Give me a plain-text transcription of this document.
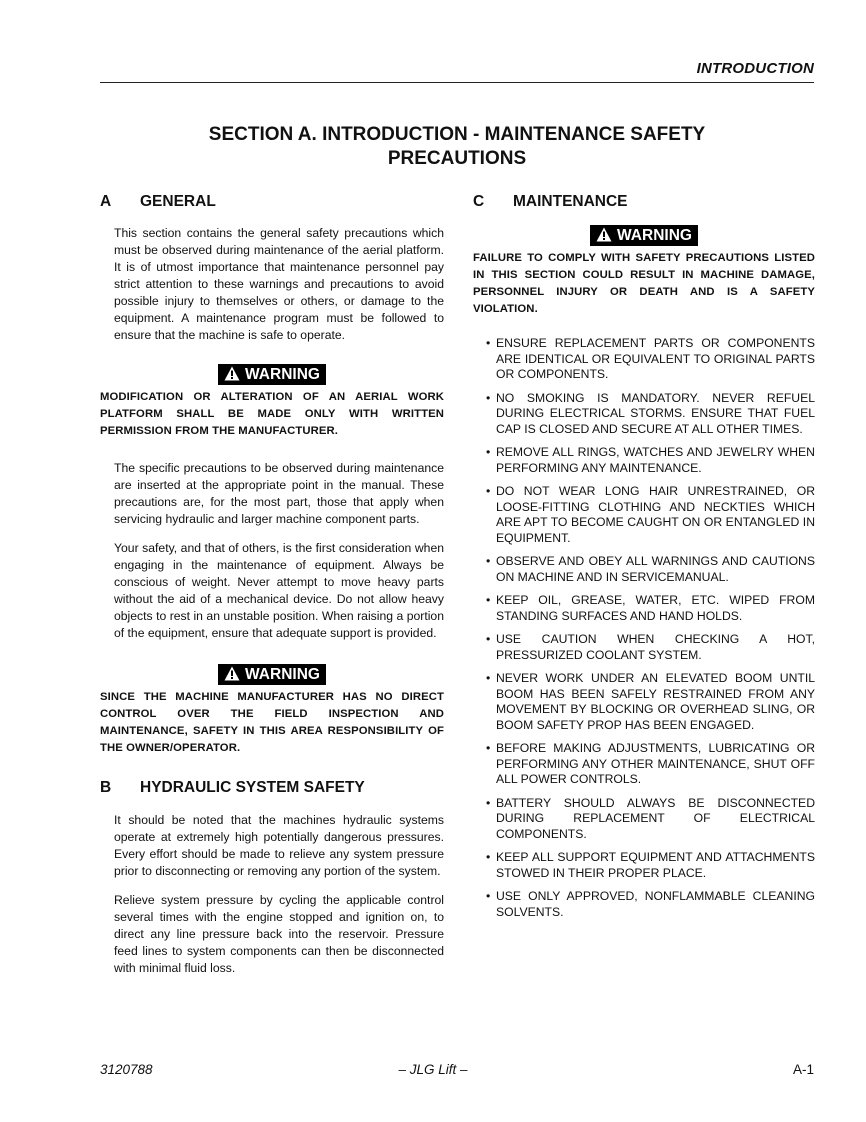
INTRODUCTION
SECTION A. INTRODUCTION - MAINTENANCE SAFETY
PRECAUTIONS
A GENERAL

This section contains the general safety precautions which must be observed during maintenance of the aerial platform. It is of utmost importance that maintenance personnel pay strict attention to these warnings and precautions to avoid possible injury to themselves or others, or damage to the equipment. A maintenance program must be followed to ensure that the machine is safe to operate.

WARNING
MODIFICATION OR ALTERATION OF AN AERIAL WORK PLATFORM SHALL BE MADE ONLY WITH WRITTEN PERMISSION FROM THE MANUFACTURER.

The specific precautions to be observed during maintenance are inserted at the appropriate point in the manual. These precautions are, for the most part, those that apply when servicing hydraulic and larger machine component parts.

Your safety, and that of others, is the first consideration when engaging in the maintenance of equipment. Always be conscious of weight. Never attempt to move heavy parts without the aid of a mechanical device. Do not allow heavy objects to rest in an unstable position. When raising a portion of the equipment, ensure that adequate support is provided.

WARNING
SINCE THE MACHINE MANUFACTURER HAS NO DIRECT CONTROL OVER THE FIELD INSPECTION AND MAINTENANCE, SAFETY IN THIS AREA RESPONSIBILITY OF THE OWNER/OPERATOR.
B HYDRAULIC SYSTEM SAFETY

It should be noted that the machines hydraulic systems operate at extremely high potentially dangerous pressures. Every effort should be made to relieve any system pressure prior to disconnecting or removing any portion of the system.

Relieve system pressure by cycling the applicable control several times with the engine stopped and ignition on, to direct any line pressure back into the reservoir. Pressure feed lines to system components can then be disconnected with minimal fluid loss.

C MAINTENANCE
WARNING
FAILURE TO COMPLY WITH SAFETY PRECAUTIONS LISTED IN THIS SECTION COULD RESULT IN MACHINE DAMAGE, PERSONNEL INJURY OR DEATH AND IS A SAFETY VIOLATION.
• ENSURE REPLACEMENT PARTS OR COMPONENTS ARE IDENTICAL OR EQUIVALENT TO ORIGINAL PARTS OR COMPONENTS.
• NO SMOKING IS MANDATORY. NEVER REFUEL DURING ELECTRICAL STORMS. ENSURE THAT FUEL CAP IS CLOSED AND SECURE AT ALL OTHER TIMES.
• REMOVE ALL RINGS, WATCHES AND JEWELRY WHEN PERFORMING ANY MAINTENANCE.
• DO NOT WEAR LONG HAIR UNRESTRAINED, OR LOOSE-FITTING CLOTHING AND NECKTIES WHICH ARE APT TO BECOME CAUGHT ON OR ENTANGLED IN EQUIPMENT.
• OBSERVE AND OBEY ALL WARNINGS AND CAUTIONS ON MACHINE AND IN SERVICEMANUAL.
• KEEP OIL, GREASE, WATER, ETC. WIPED FROM STANDING SURFACES AND HAND HOLDS.
• USE CAUTION WHEN CHECKING A HOT, PRESSURIZED COOLANT SYSTEM.
• NEVER WORK UNDER AN ELEVATED BOOM UNTIL BOOM HAS BEEN SAFELY RESTRAINED FROM ANY MOVEMENT BY BLOCKING OR OVERHEAD SLING, OR BOOM SAFETY PROP HAS BEEN ENGAGED.
• BEFORE MAKING ADJUSTMENTS, LUBRICATING OR PERFORMING ANY OTHER MAINTENANCE, SHUT OFF ALL POWER CONTROLS.
• BATTERY SHOULD ALWAYS BE DISCONNECTED DURING REPLACEMENT OF ELECTRICAL COMPONENTS.
• KEEP ALL SUPPORT EQUIPMENT AND ATTACHMENTS STOWED IN THEIR PROPER PLACE.
• USE ONLY APPROVED, NONFLAMMABLE CLEANING SOLVENTS.
3120788	– JLG Lift –	A-1
